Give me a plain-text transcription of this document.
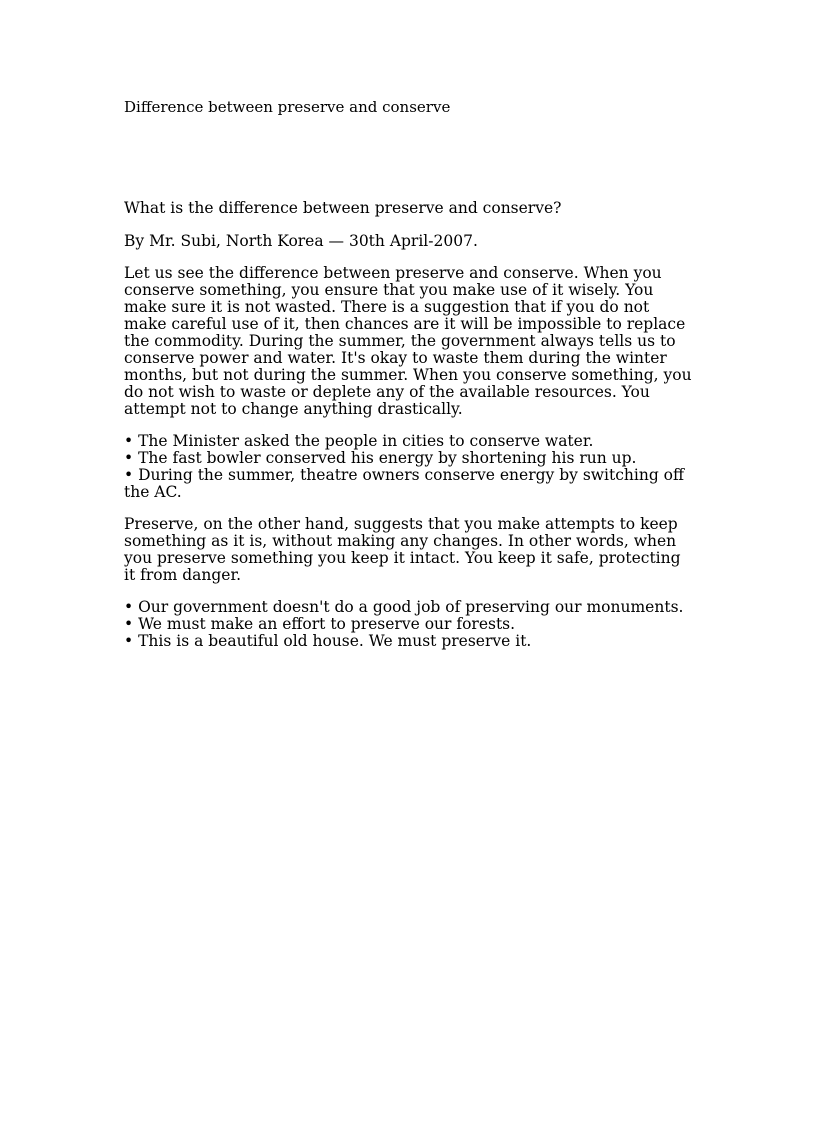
Difference between preserve and conserve

What is the difference between preserve and conserve?

By Mr. Subi, North Korea — 30th April-2007.

Let us see the difference between preserve and conserve. When you conserve something, you ensure that you make use of it wisely. You make sure it is not wasted. There is a suggestion that if you do not make careful use of it, then chances are it will be impossible to replace the commodity. During the summer, the government always tells us to conserve power and water. It's okay to waste them during the winter months, but not during the summer. When you conserve something, you do not wish to waste or deplete any of the available resources. You attempt not to change anything drastically.

• The Minister asked the people in cities to conserve water.
• The fast bowler conserved his energy by shortening his run up.
• During the summer, theatre owners conserve energy by switching off the AC.

Preserve, on the other hand, suggests that you make attempts to keep something as it is, without making any changes. In other words, when you preserve something you keep it intact. You keep it safe, protecting it from danger.

• Our government doesn't do a good job of preserving our monuments.
• We must make an effort to preserve our forests.
• This is a beautiful old house. We must preserve it.
